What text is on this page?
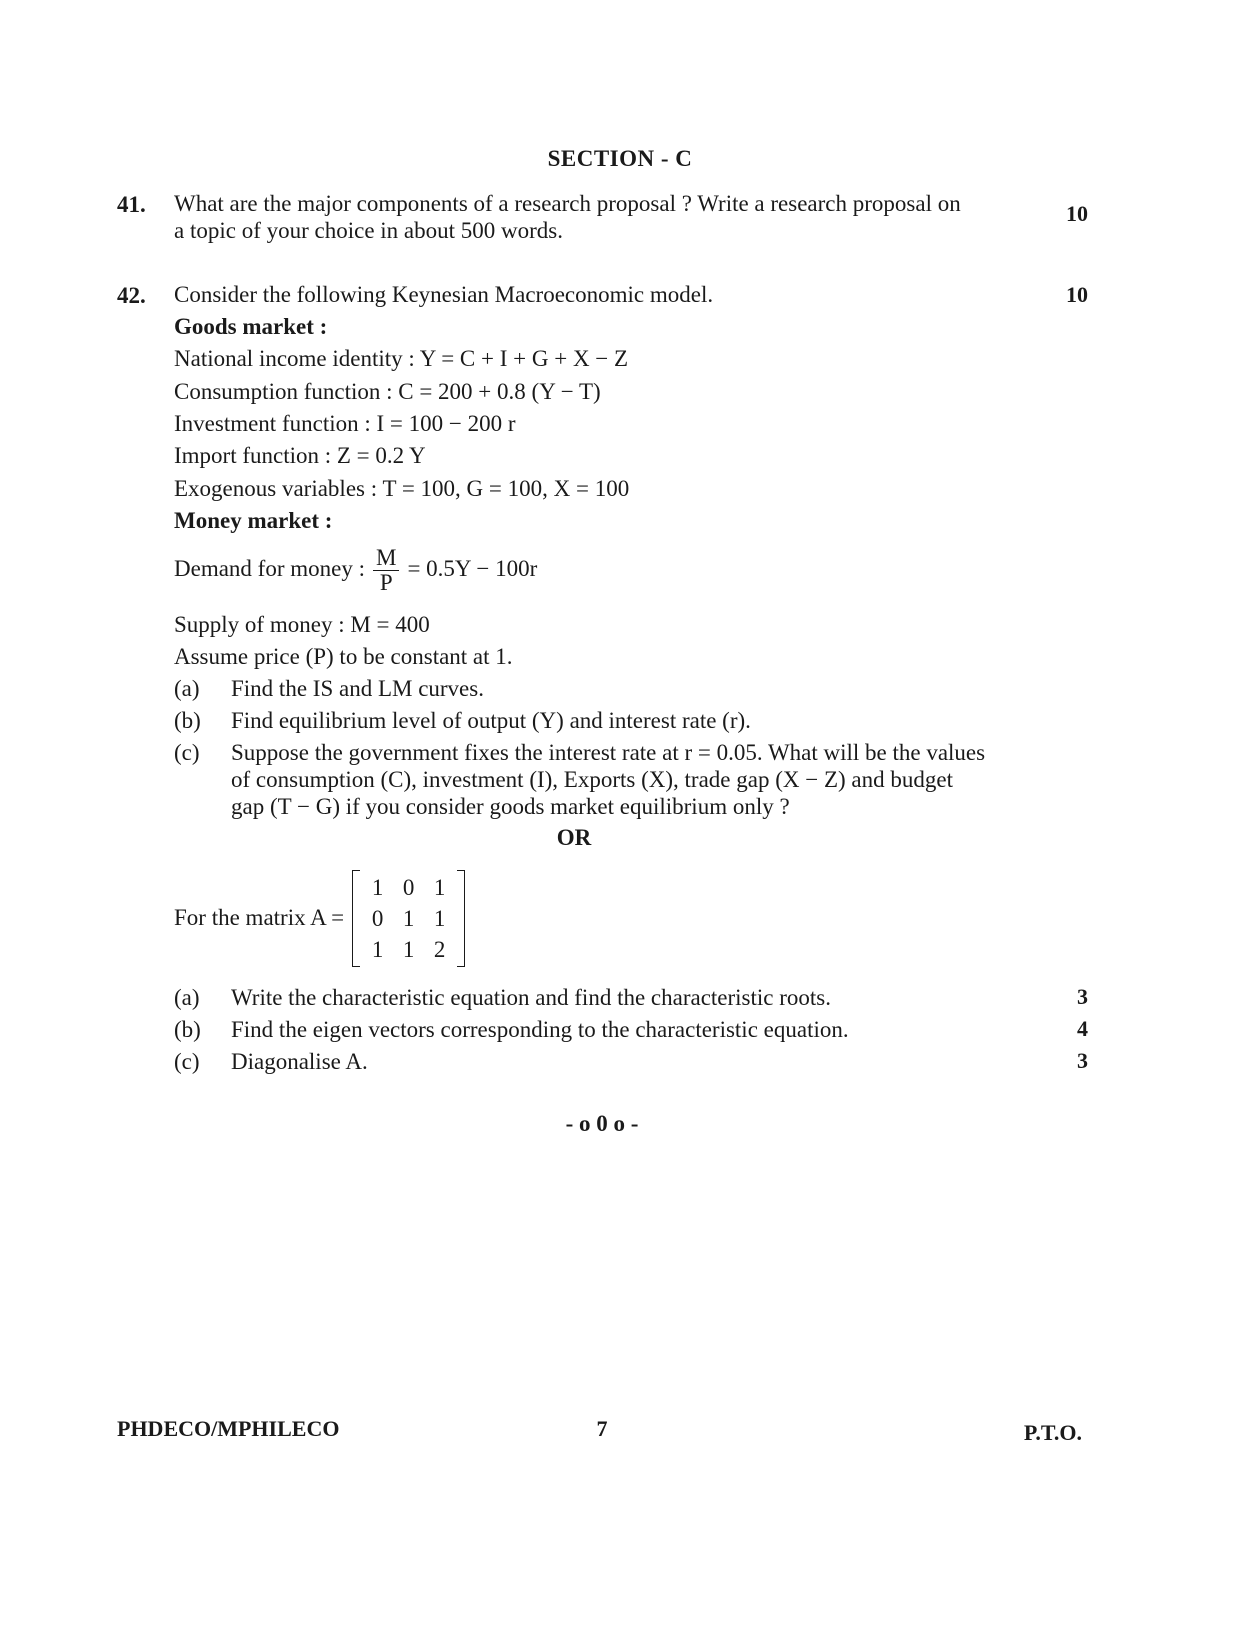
SECTION - C
41. What are the major components of a research proposal ? Write a research proposal on
a topic of your choice in about 500 words.
10
42. Consider the following Keynesian Macroeconomic model.	10
Goods market :
National income identity : Y = C + I + G + X − Z
Consumption function : C = 200 + 0.8 (Y − T)
Investment function : I = 100 − 200 r
Import function : Z = 0.2 Y
Exogenous variables : T = 100, G = 100, X = 100
Money market :
Demand for money : $\frac{M}{P} = 0.5Y - 100r$
Supply of money : M = 400
Assume price (P) to be constant at 1.
(a) Find the IS and LM curves.
(b) Find equilibrium level of output (Y) and interest rate (r).
(c) Suppose the government fixes the interest rate at r = 0.05. What will be the values
of consumption (C), investment (I), Exports (X), trade gap (X − Z) and budget
gap (T − G) if you consider goods market equilibrium only ?
OR
For the matrix A =
1	0	1
0	1	1
1	1	2
(a) Write the characteristic equation and find the characteristic roots.	3
(b) Find the eigen vectors corresponding to the characteristic equation.	4
(c) Diagonalise A.	3
- o 0 o -
PHDECO/MPHILECO	7	P.T.O.
